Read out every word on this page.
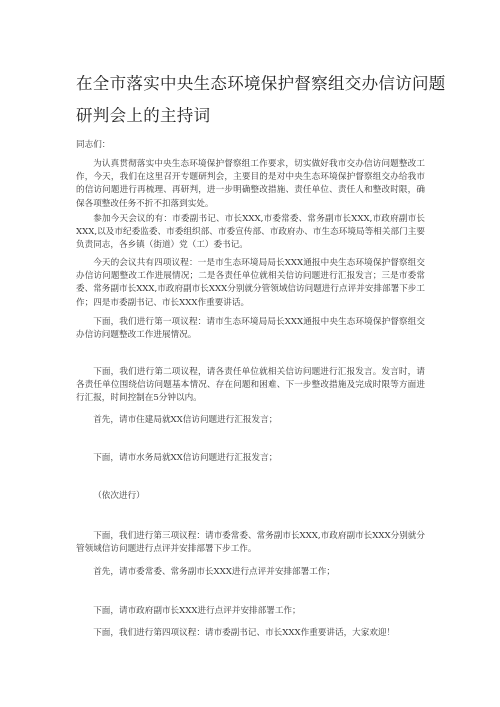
在全市落实中央生态环境保护督察组交办信访问题
研判会上的主持词

同志们：

为认真贯彻落实中央生态环境保护督察组工作要求，切实做好我市交办信访问题整改工作，今天，我们在这里召开专题研判会，主要目的是对中央生态环境保护督察组交办给我市的信访问题进行再梳理、再研判，进一步明确整改措施、责任单位、责任人和整改时限，确保各项整改任务不折不扣落到实处。

参加今天会议的有：市委副书记、市长XXX,市委常委、常务副市长XXX,市政府副市长XXX,以及市纪委监委、市委组织部、市委宣传部、市政府办、市生态环境局等相关部门主要负责同志，各乡镇（街道）党（工）委书记。

今天的会议共有四项议程：一是市生态环境局局长XXX通报中央生态环境保护督察组交办信访问题整改工作进展情况；二是各责任单位就相关信访问题进行汇报发言；三是市委常委、常务副市长XXX,市政府副市长XXX分别就分管领域信访问题进行点评并安排部署下步工作；四是市委副书记、市长XXX作重要讲话。

下面，我们进行第一项议程：请市生态环境局局长XXX通报中央生态环境保护督察组交办信访问题整改工作进展情况。

下面，我们进行第二项议程，请各责任单位就相关信访问题进行汇报发言。发言时，请各责任单位围绕信访问题基本情况、存在问题和困难、下一步整改措施及完成时限等方面进行汇报，时间控制在5分钟以内。

首先，请市住建局就XX信访问题进行汇报发言；

下面，请市水务局就XX信访问题进行汇报发言；

（依次进行）

下面，我们进行第三项议程：请市委常委、常务副市长XXX,市政府副市长XXX分别就分管领域信访问题进行点评并安排部署下步工作。

首先，请市委常委、常务副市长XXX进行点评并安排部署工作；

下面，请市政府副市长XXX进行点评并安排部署工作；

下面，我们进行第四项议程：请市委副书记、市长XXX作重要讲话，大家欢迎！
